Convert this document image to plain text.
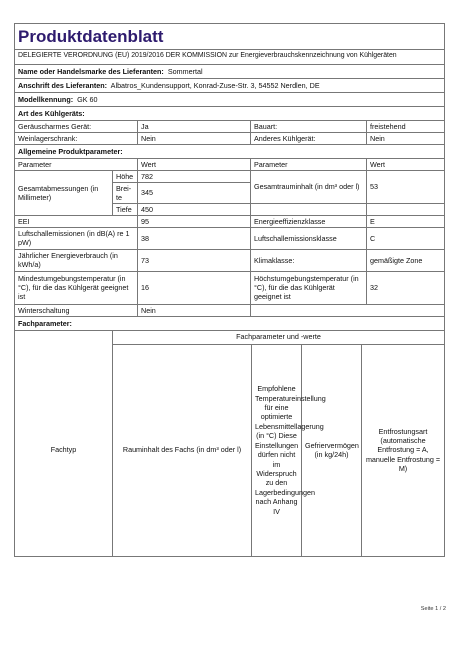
Produktdatenblatt			
DELEGIERTE VERORDNUNG (EU) 2019/2016 DER KOMMISSION zur Energieverbrauchskennzeichnung von Kühlgeräten			
Name oder Handelsmarke des Lieferanten: Sommertal			
Anschrift des Lieferanten: Albatros_Kundensupport, Konrad-Zuse-Str. 3, 54552 Nerdlen, DE			
Modellkennung: GK 60			
Art des Kühlgeräts:			
Geräuscharmes Gerät:	Ja	Bauart:	freistehend
Weinlagerschrank:	Nein	Anderes Kühlgerät:	Nein
Allgemeine Produktparameter:			
Parameter	Wert	Parameter	Wert
Gesamtabmessungen (in Millimeter)	Höhe	782	Gesamtrauminhalt (in dm³ oder l)	53
	Brei-te	345		
	Tiefe	450		
EEI		95	Energieeffizienzklasse	E
Luftschallemissionen (in dB(A) re 1 pW)		38	Luftschallemissionsklasse	C
Jährlicher Energieverbrauch (in kWh/a)		73	Klimaklasse:	gemäßigte Zone
Mindestumgebungstemperatur (in °C), für die das Kühlgerät geeignet ist		16	Höchstumgebungstemperatur (in °C), für die das Kühlgerät geeignet ist	32
Winterschaltung		Nein		
Fachparameter:				
	Fachparameter und -werte			
Fachtyp	Rauminhalt des Fachs (in dm³ oder l)	Empfohlene Temperatureinstellung für eine optimierte Lebensmittellagerung (in °C) Diese Einstellungen dürfen nicht im Widerspruch zu den Lagerbedingungen nach Anhang IV	Gefriervermögen (in kg/24h)	Entfrostungsart (automatische Entfrostung = A, manuelle Entfrostung = M)
Seite 1 / 2
